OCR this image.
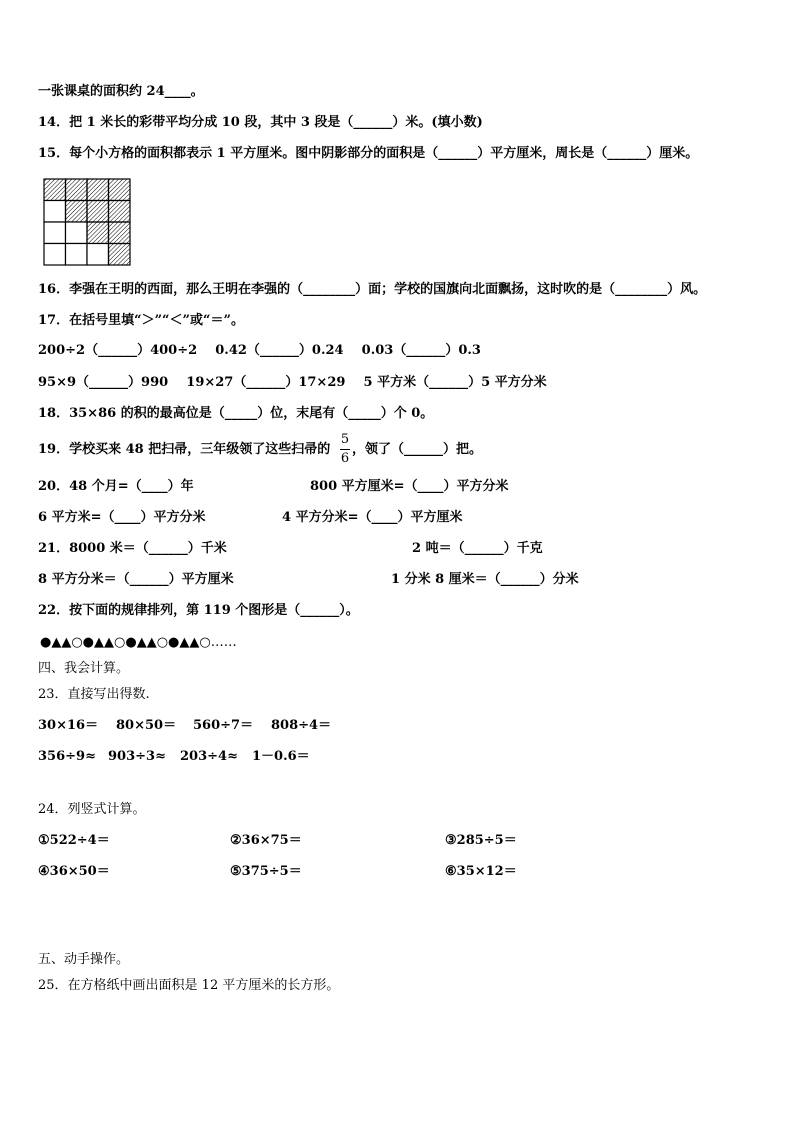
一张课桌的面积约 24____。
14．把 1 米长的彩带平均分成 10 段，其中 3 段是（______）米。(填小数)
15．每个小方格的面积都表示 1 平方厘米。图中阴影部分的面积是（______）平方厘米，周长是（______）厘米。
16．李强在王明的西面，那么王明在李强的（________）面；学校的国旗向北面飘扬，这时吹的是（________）风。
17．在括号里填“＞”“＜”或“＝”。
200÷2（______）400÷2    0.42（______）0.24    0.03（______）0.3
95×9（______）990    19×27（______）17×29    5 平方米（______）5 平方分米
18．35×86 的积的最高位是（_____）位，末尾有（_____）个 0。
19．学校买来 48 把扫帚，三年级领了这些扫帚的
5
6
，领了（______）把。
20．48 个月=（____）年	800 平方厘米=（____）平方分米
6 平方米=（____）平方分米	4 平方分米=（____）平方厘米
21．8000 米＝（______）千米	2 吨＝（______）千克
8 平方分米＝（______）平方厘米	1 分米 8 厘米＝（______）分米
22．按下面的规律排列，第 119 个图形是（______）。
●▲▲○●▲▲○●▲▲○●▲▲○……
四、我会计算。
23．直接写出得数.
30×16＝ 80×50＝ 560÷7＝ 808÷4＝
356÷9≈ 903÷3≈ 203÷4≈ 1－0.6＝
24．列竖式计算。
①522÷4＝	②36×75＝	③285÷5＝
④36×50＝	⑤375÷5＝	⑥35×12＝
五、动手操作。
25．在方格纸中画出面积是 12 平方厘米的长方形。
